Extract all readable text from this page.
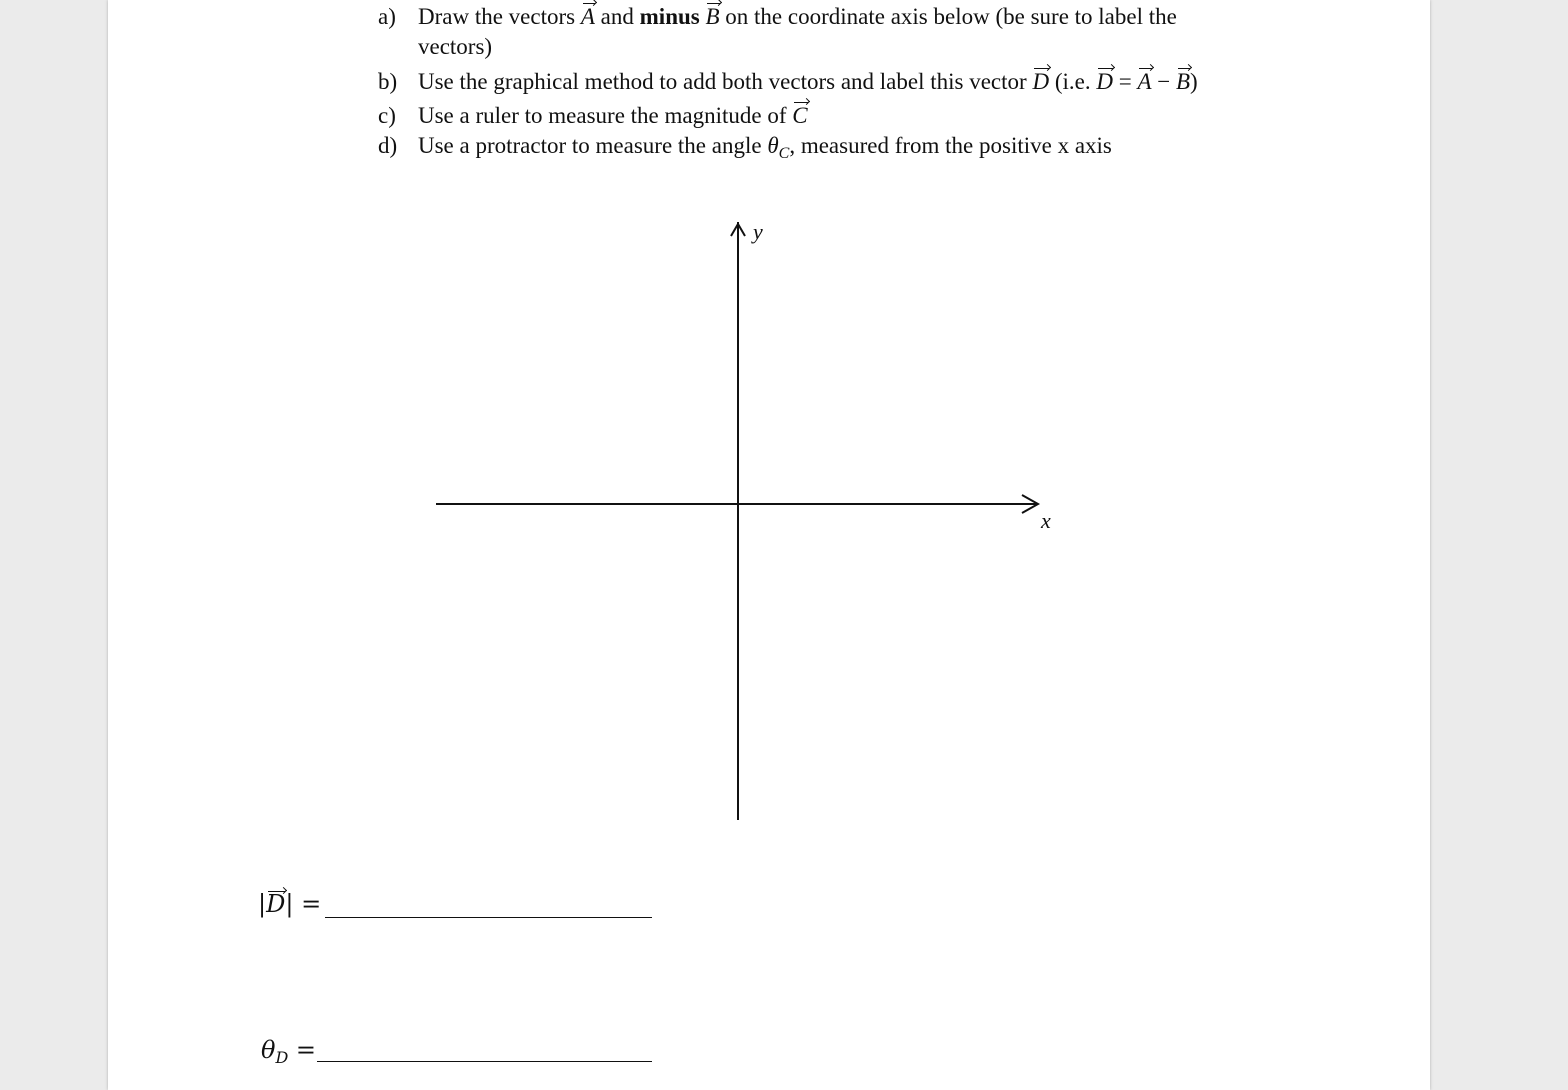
a) Draw the vectors A and minus B on the coordinate axis below (be sure to label the
vectors)
b) Use the graphical method to add both vectors and label this vector D (i.e. D = A − B)
c) Use a ruler to measure the magnitude of C
d) Use a protractor to measure the angle $\theta_C$, measured from the positive x axis
y
x
|D| =
$\theta_D$ =
